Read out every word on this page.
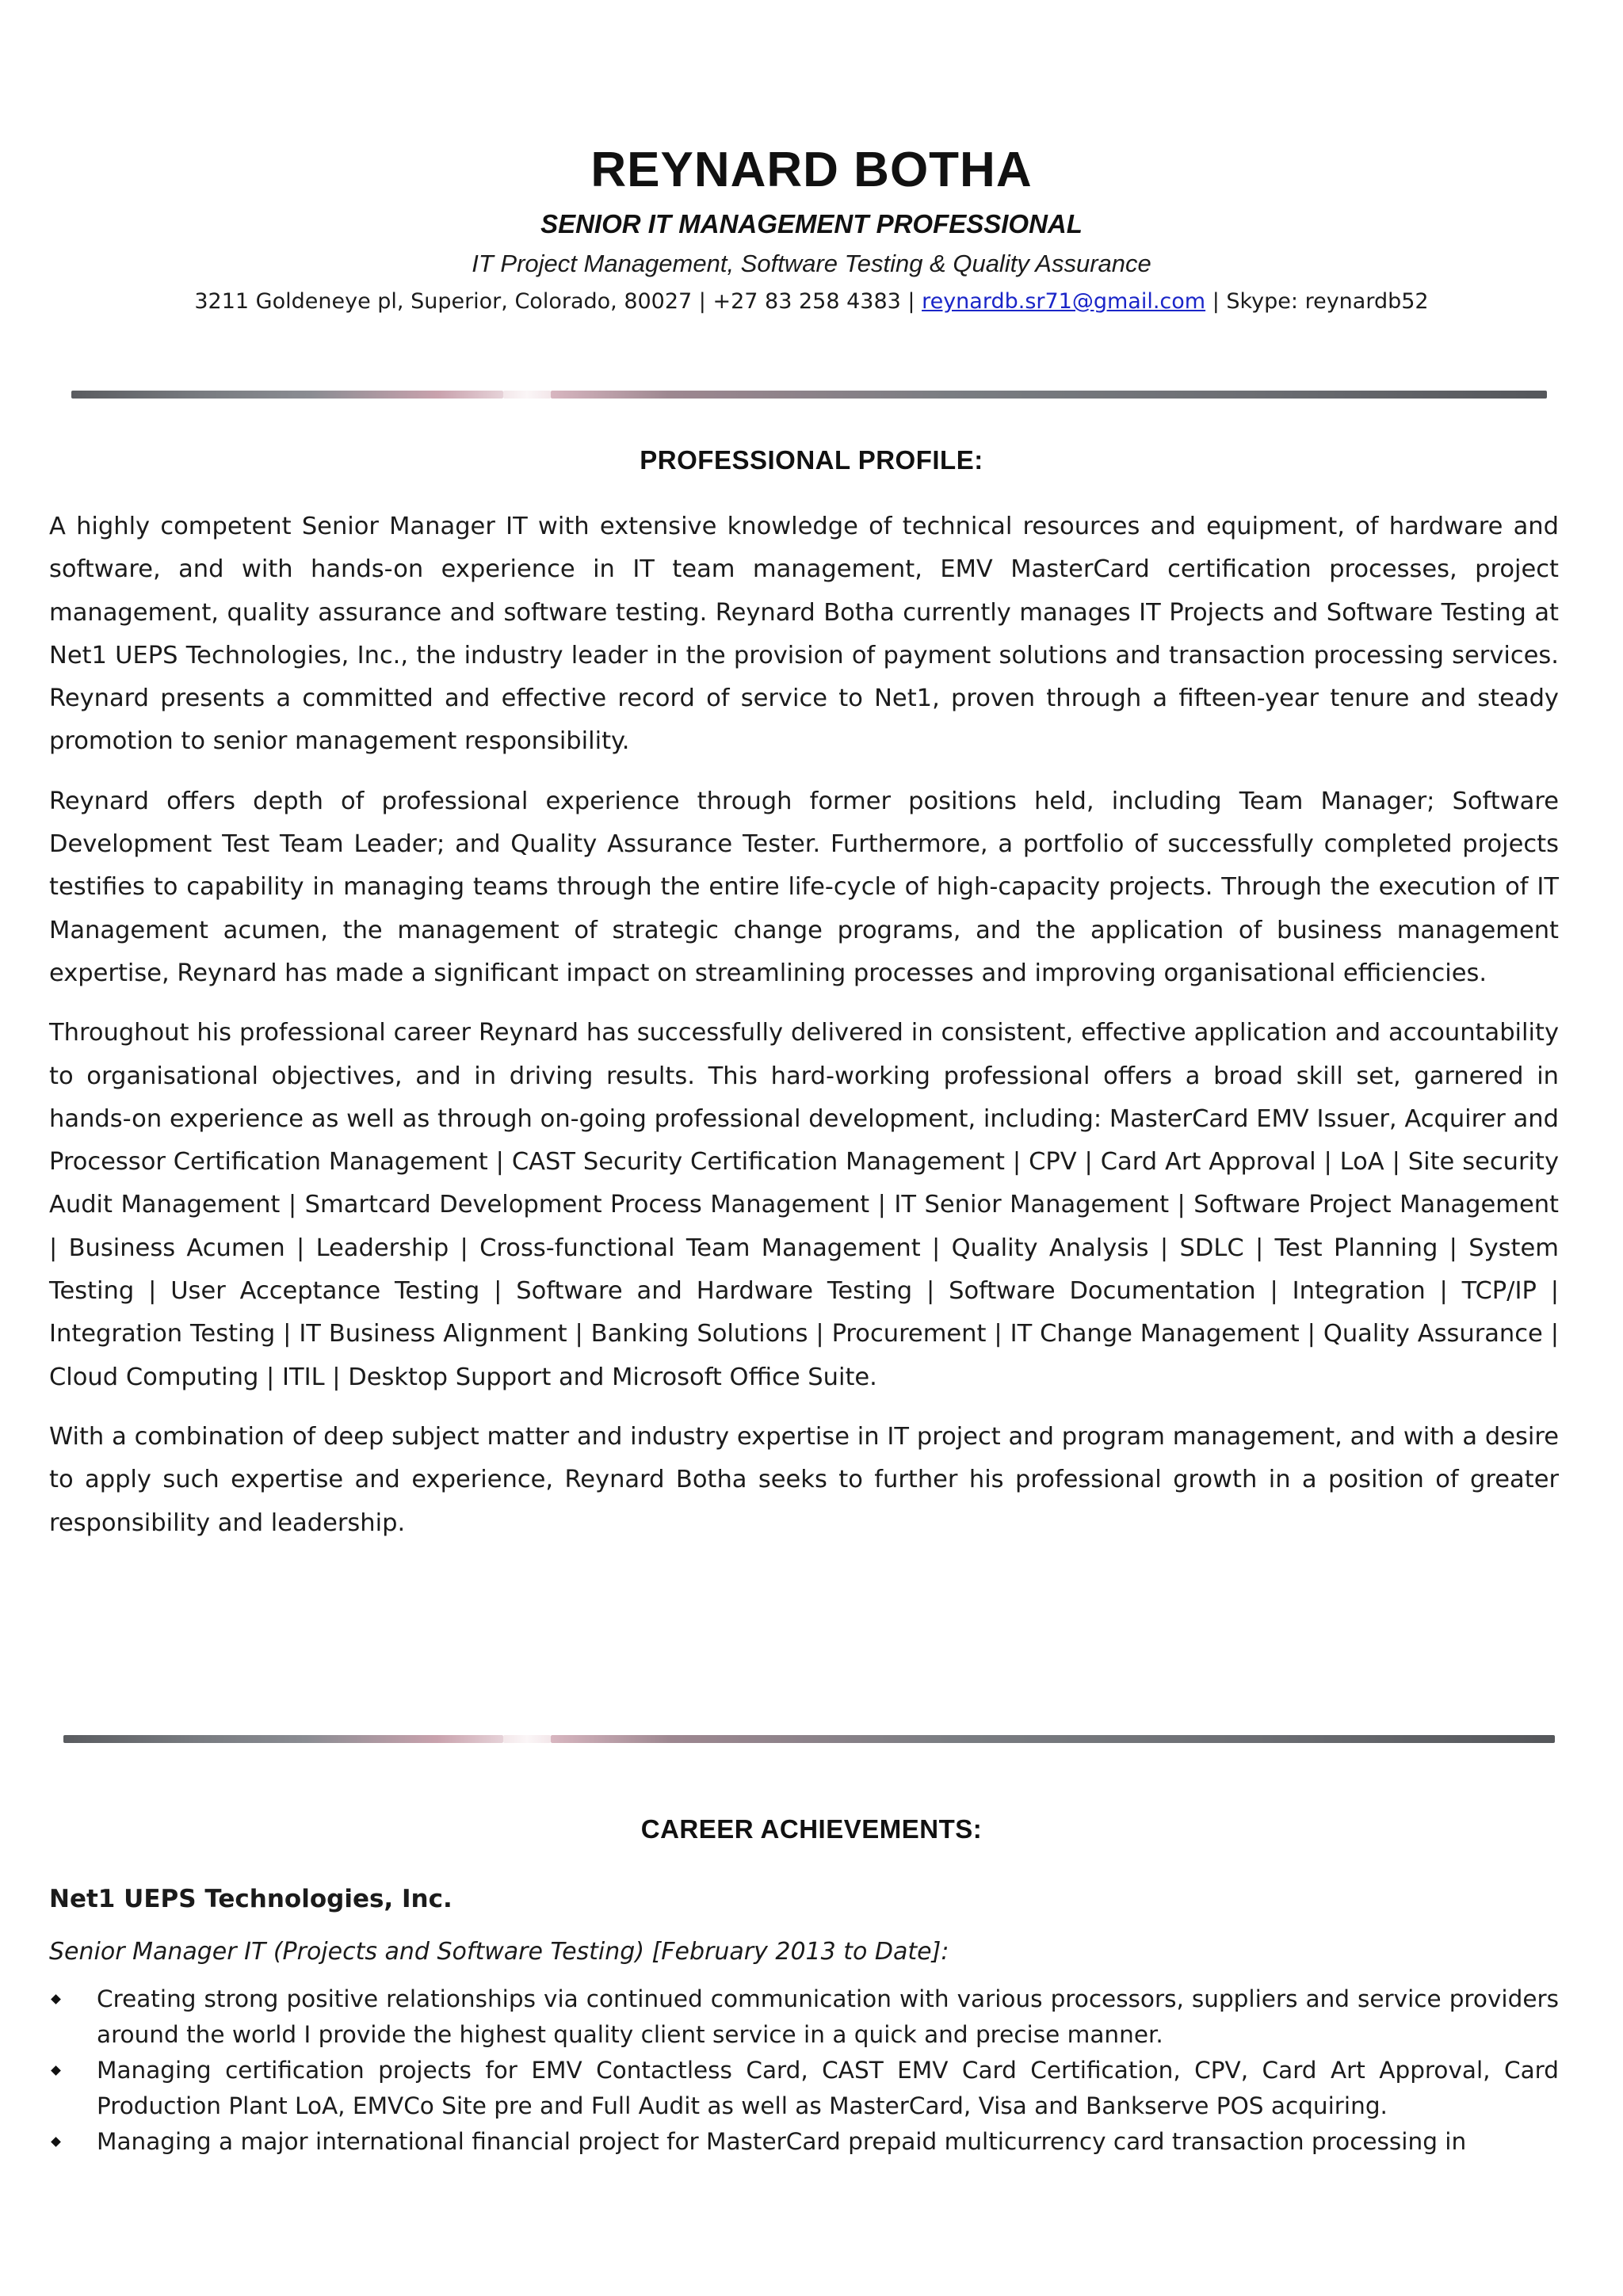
REYNARD BOTHA
SENIOR IT MANAGEMENT PROFESSIONAL
IT Project Management, Software Testing & Quality Assurance
3211 Goldeneye pl, Superior, Colorado, 80027 | +27 83 258 4383 | reynardb.sr71@gmail.com | Skype: reynardb52
PROFESSIONAL PROFILE:

A highly competent Senior Manager IT with extensive knowledge of technical resources and equipment, of hardware and software, and with hands-on experience in IT team management, EMV MasterCard certification processes, project management, quality assurance and software testing. Reynard Botha currently manages IT Projects and Software Testing at Net1 UEPS Technologies, Inc., the industry leader in the provision of payment solutions and transaction processing services. Reynard presents a committed and effective record of service to Net1, proven through a fifteen-year tenure and steady promotion to senior management responsibility.

Reynard offers depth of professional experience through former positions held, including Team Manager; Software Development Test Team Leader; and Quality Assurance Tester. Furthermore, a portfolio of successfully completed projects testifies to capability in managing teams through the entire life-cycle of high-capacity projects. Through the execution of IT Management acumen, the management of strategic change programs, and the application of business management expertise, Reynard has made a significant impact on streamlining processes and improving organisational efficiencies.

Throughout his professional career Reynard has successfully delivered in consistent, effective application and accountability to organisational objectives, and in driving results. This hard-working professional offers a broad skill set, garnered in hands-on experience as well as through on-going professional development, including: MasterCard EMV Issuer, Acquirer and Processor Certification Management | CAST Security Certification Management | CPV | Card Art Approval | LoA | Site security Audit Management | Smartcard Development Process Management | IT Senior Management | Software Project Management | Business Acumen | Leadership | Cross-functional Team Management | Quality Analysis | SDLC | Test Planning | System Testing | User Acceptance Testing | Software and Hardware Testing | Software Documentation | Integration | TCP/IP | Integration Testing | IT Business Alignment | Banking Solutions | Procurement | IT Change Management | Quality Assurance | Cloud Computing | ITIL | Desktop Support and Microsoft Office Suite.

With a combination of deep subject matter and industry expertise in IT project and program management, and with a desire to apply such expertise and experience, Reynard Botha seeks to further his professional growth in a position of greater responsibility and leadership.

CAREER ACHIEVEMENTS:
Net1 UEPS Technologies, Inc.
Senior Manager IT (Projects and Software Testing) [February 2013 to Date]:
Creating strong positive relationships via continued communication with various processors, suppliers and service providers around the world I provide the highest quality client service in a quick and precise manner.
Managing certification projects for EMV Contactless Card, CAST EMV Card Certification, CPV, Card Art Approval, Card Production Plant LoA, EMVCo Site pre and Full Audit as well as MasterCard, Visa and Bankserve POS acquiring.
Managing a major international financial project for MasterCard prepaid multicurrency card transaction processing in
